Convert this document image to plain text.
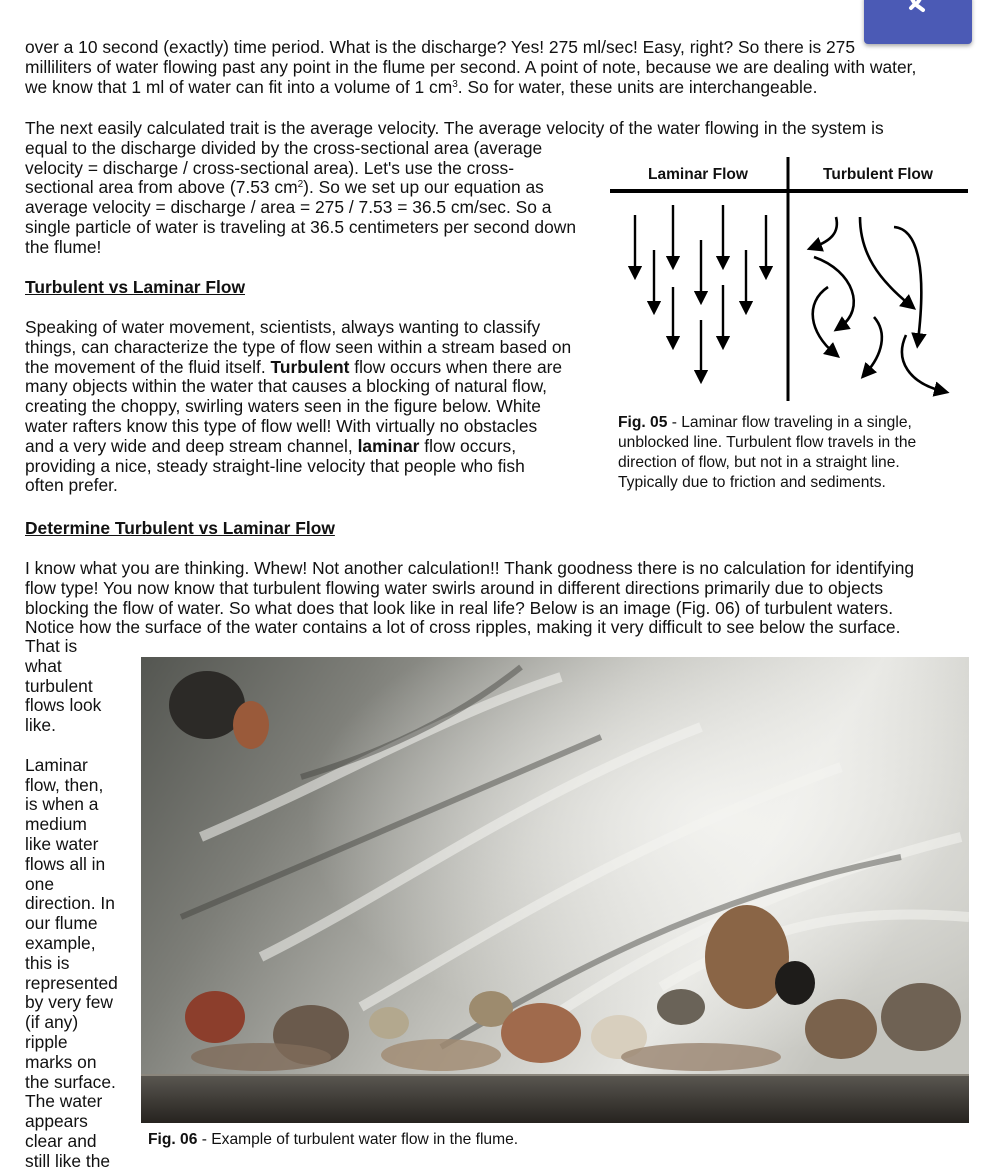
over a 10 second (exactly) time period. What is the discharge? Yes! 275 ml/sec! Easy, right? So there is 275

milliliters of water flowing past any point in the flume per second. A point of note, because we are dealing with water,

we know that 1 ml of water can fit into a volume of 1 $cm^3$. So for water, these units are interchangeable.

The next easily calculated trait is the average velocity. The average velocity of the water flowing in the system is

equal to the discharge divided by the cross-sectional area (average

velocity = discharge / cross-sectional area). Let's use the cross-

sectional area from above (7.53 $cm^2$). So we set up our equation as

average velocity = discharge / area = 275 / 7.53 = 36.5 cm/sec. So a

single particle of water is traveling at 36.5 centimeters per second down

the flume!

Turbulent vs Laminar Flow

Speaking of water movement, scientists, always wanting to classify

things, can characterize the type of flow seen within a stream based on

the movement of the fluid itself. Turbulent flow occurs when there are

many objects within the water that causes a blocking of natural flow,

creating the choppy, swirling waters seen in the figure below. White

water rafters know this type of flow well! With virtually no obstacles

and a very wide and deep stream channel, laminar flow occurs,

providing a nice, steady straight-line velocity that people who fish

often prefer.

Laminar Flow	Turbulent Flow

Fig. 05 - Laminar flow traveling in a single,

unblocked line. Turbulent flow travels in the

direction of flow, but not in a straight line.

Typically due to friction and sediments.

Determine Turbulent vs Laminar Flow

I know what you are thinking. Whew! Not another calculation!! Thank goodness there is no calculation for identifying

flow type! You now know that turbulent flowing water swirls around in different directions primarily due to objects

blocking the flow of water. So what does that look like in real life? Below is an image (Fig. 06) of turbulent waters.

Notice how the surface of the water contains a lot of cross ripples, making it very difficult to see below the surface.

That is

what

turbulent

flows look

like.

Laminar

flow, then,

is when a

medium

like water

flows all in

one

direction. In

our flume

example,

this is

represented

by very few

(if any)

ripple

marks on

the surface.

The water

appears

clear and

still like the

Fig. 06 - Example of turbulent water flow in the flume.
